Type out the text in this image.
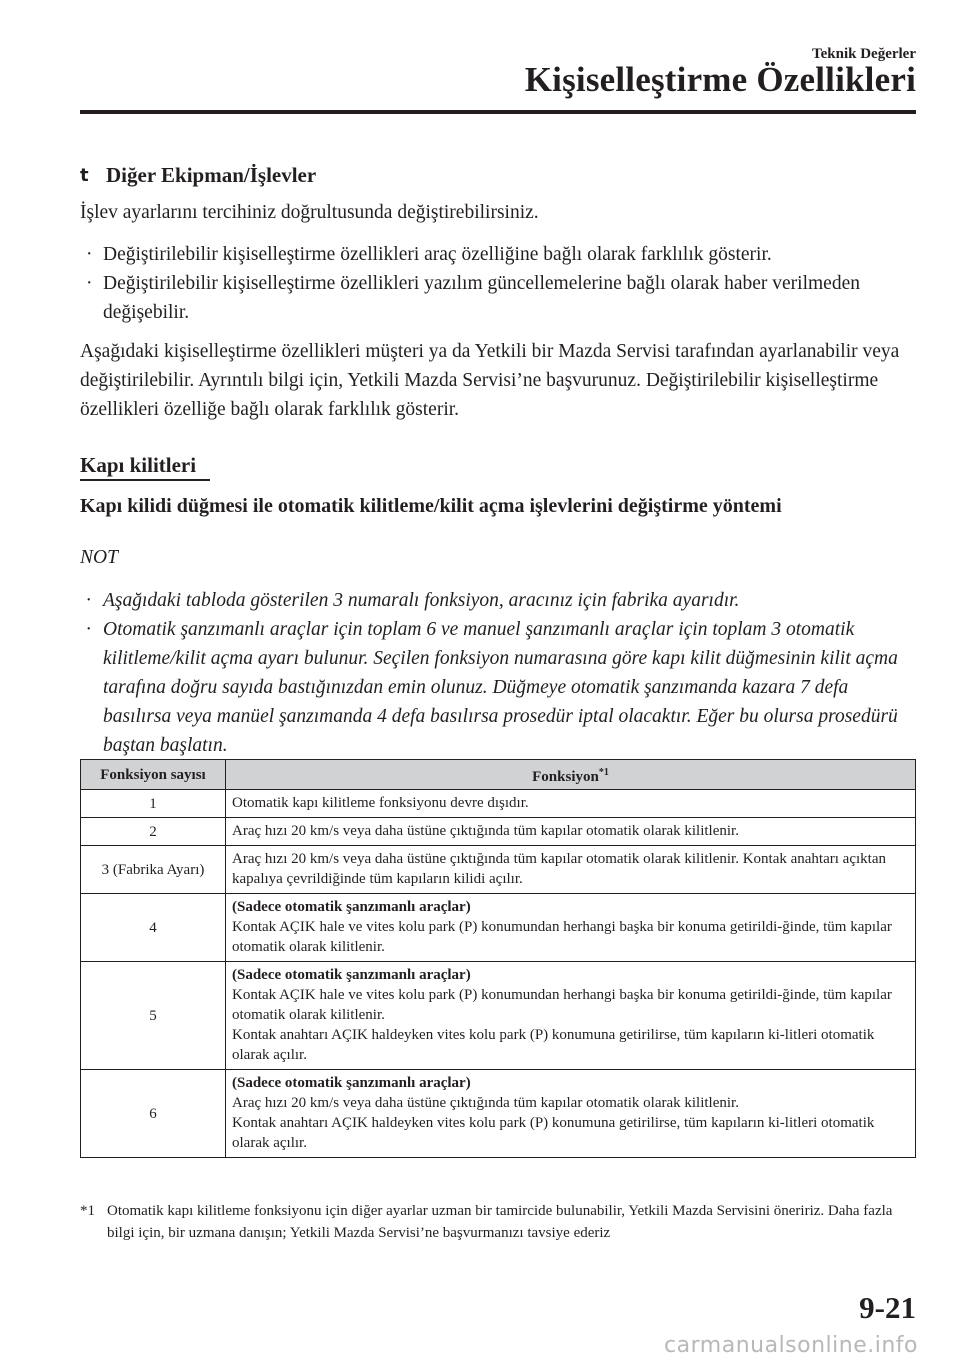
Teknik Değerler
Kişiselleştirme Özellikleri
t Diğer Ekipman/İşlevler

İşlev ayarlarını tercihiniz doğrultusunda değiştirebilirsiniz.

· Değiştirilebilir kişiselleştirme özellikleri araç özelliğine bağlı olarak farklılık gösterir.
· Değiştirilebilir kişiselleştirme özellikleri yazılım güncellemelerine bağlı olarak haber verilmeden değişebilir.

Aşağıdaki kişiselleştirme özellikleri müşteri ya da Yetkili bir Mazda Servisi tarafından ayarlanabilir veya değiştirilebilir. Ayrıntılı bilgi için, Yetkili Mazda Servisi’ne başvurunuz. Değiştirilebilir kişiselleştirme özellikleri özelliğe bağlı olarak farklılık gösterir.

Kapı kilitleri
Kapı kilidi düğmesi ile otomatik kilitleme/kilit açma işlevlerini değiştirme yöntemi
NOT
· Aşağıdaki tabloda gösterilen 3 numaralı fonksiyon, aracınız için fabrika ayarıdır.
· Otomatik şanzımanlı araçlar için toplam 6 ve manuel şanzımanlı araçlar için toplam 3 otomatik kilitleme/kilit açma ayarı bulunur. Seçilen fonksiyon numarasına göre kapı kilit düğmesinin kilit açma tarafına doğru sayıda bastığınızdan emin olunuz. Düğmeye otomatik şanzımanda kazara 7 defa basılırsa veya manüel şanzımanda 4 defa basılırsa prosedür iptal olacaktır. Eğer bu olursa prosedürü baştan başlatın.
Fonksiyon sayısı	Fonksiyon$^{*1}$
1	Otomatik kapı kilitleme fonksiyonu devre dışıdır.

2	Araç hızı 20 km/s veya daha üstüne çıktığında tüm kapılar otomatik olarak kilitlenir.

3 (Fabrika Ayarı)	Araç hızı 20 km/s veya daha üstüne çıktığında tüm kapılar otomatik olarak kilitlenir. Kontak anahtarı açıktan kapalıya çevrildiğinde tüm kapıların kilidi açılır.

4	(Sadece otomatik şanzımanlı araçlar)
Kontak AÇIK hale ve vites kolu park (P) konumundan herhangi başka bir konuma getirildi-ğinde, tüm kapılar otomatik olarak kilitlenir.

5	(Sadece otomatik şanzımanlı araçlar)
Kontak AÇIK hale ve vites kolu park (P) konumundan herhangi başka bir konuma getirildi-ğinde, tüm kapılar otomatik olarak kilitlenir.
Kontak anahtarı AÇIK haldeyken vites kolu park (P) konumuna getirilirse, tüm kapıların ki-litleri otomatik olarak açılır.

6	(Sadece otomatik şanzımanlı araçlar)
Araç hızı 20 km/s veya daha üstüne çıktığında tüm kapılar otomatik olarak kilitlenir.
Kontak anahtarı AÇIK haldeyken vites kolu park (P) konumuna getirilirse, tüm kapıların ki-litleri otomatik olarak açılır.
*1 Otomatik kapı kilitleme fonksiyonu için diğer ayarlar uzman bir tamircide bulunabilir, Yetkili Mazda Servisini öneririz. Daha fazla bilgi için, bir uzmana danışın; Yetkili Mazda Servisi’ne başvurmanızı tavsiye ederiz
9-21
carmanualsonline.info
